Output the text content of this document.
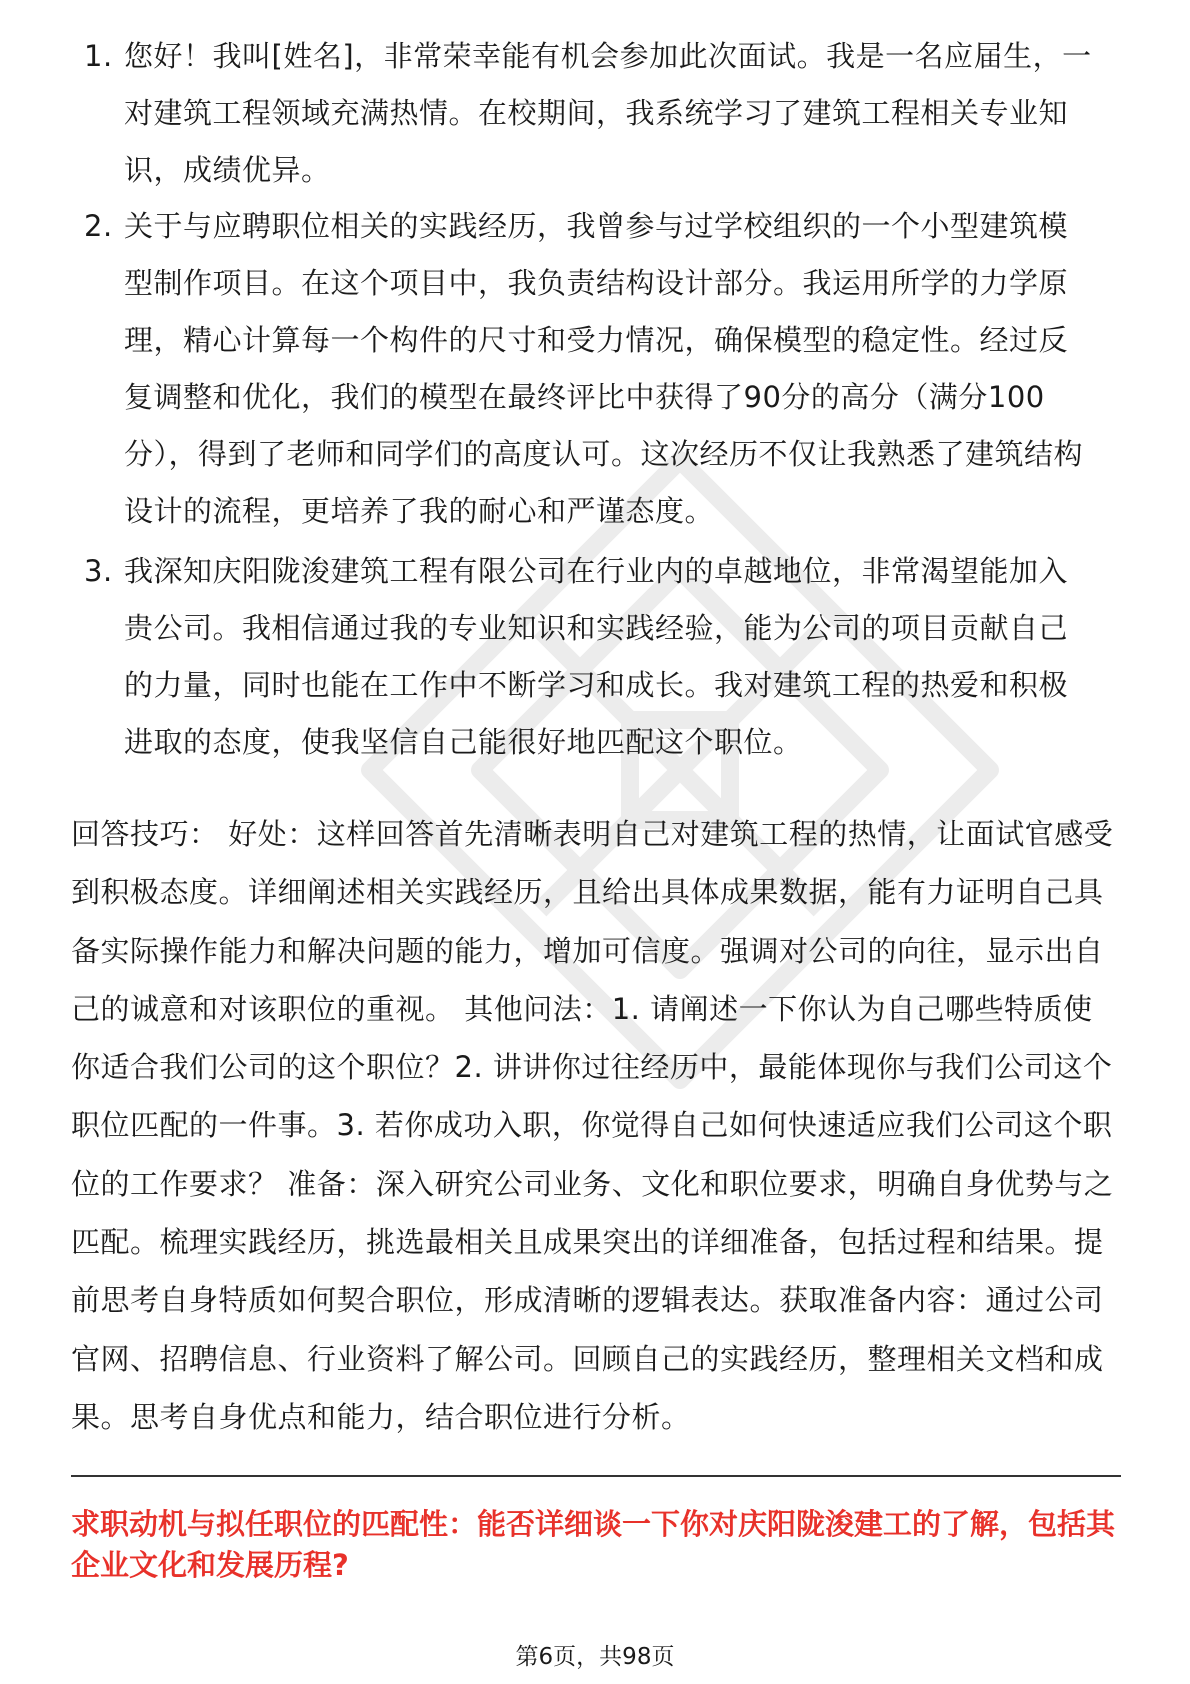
1. 您好！我叫[姓名]，非常荣幸能有机会参加此次面试。我是一名应届生，一
对建筑工程领域充满热情。在校期间，我系统学习了建筑工程相关专业知识，成绩优异。
2. 关于与应聘职位相关的实践经历，我曾参与过学校组织的一个小型建筑模型制作项目。在这个项目中，我负责结构设计部分。我运用所学的力学原理，精心计算每一个构件的尺寸和受力情况，确保模型的稳定性。经过反复调整和优化，我们的模型在最终评比中获得了90分的高分（满分100分），得到了老师和同学们的高度认可。这次经历不仅让我熟悉了建筑结构设计的流程，更培养了我的耐心和严谨态度。
3. 我深知庆阳陇浚建筑工程有限公司在行业内的卓越地位，非常渴望能加入贵公司。我相信通过我的专业知识和实践经验，能为公司的项目贡献自己的力量，同时也能在工作中不断学习和成长。我对建筑工程的热爱和积极进取的态度，使我坚信自己能很好地匹配这个职位。
回答技巧： 好处：这样回答首先清晰表明自己对建筑工程的热情，让面试官感受到积极态度。详细阐述相关实践经历，且给出具体成果数据，能有力证明自己具备实际操作能力和解决问题的能力，增加可信度。强调对公司的向往，显示出自己的诚意和对该职位的重视。 其他问法：1. 请阐述一下你认为自己哪些特质使你适合我们公司的这个职位？2. 讲讲你过往经历中，最能体现你与我们公司这个职位匹配的一件事。3. 若你成功入职，你觉得自己如何快速适应我们公司这个职位的工作要求？ 准备：深入研究公司业务、文化和职位要求，明确自身优势与之匹配。梳理实践经历，挑选最相关且成果突出的详细准备，包括过程和结果。提前思考自身特质如何契合职位，形成清晰的逻辑表达。获取准备内容：通过公司官网、招聘信息、行业资料了解公司。回顾自己的实践经历，整理相关文档和成果。思考自身优点和能力，结合职位进行分析。
求职动机与拟任职位的匹配性：能否详细谈一下你对庆阳陇浚建工的了解，包括其企业文化和发展历程?
第6页，共98页
